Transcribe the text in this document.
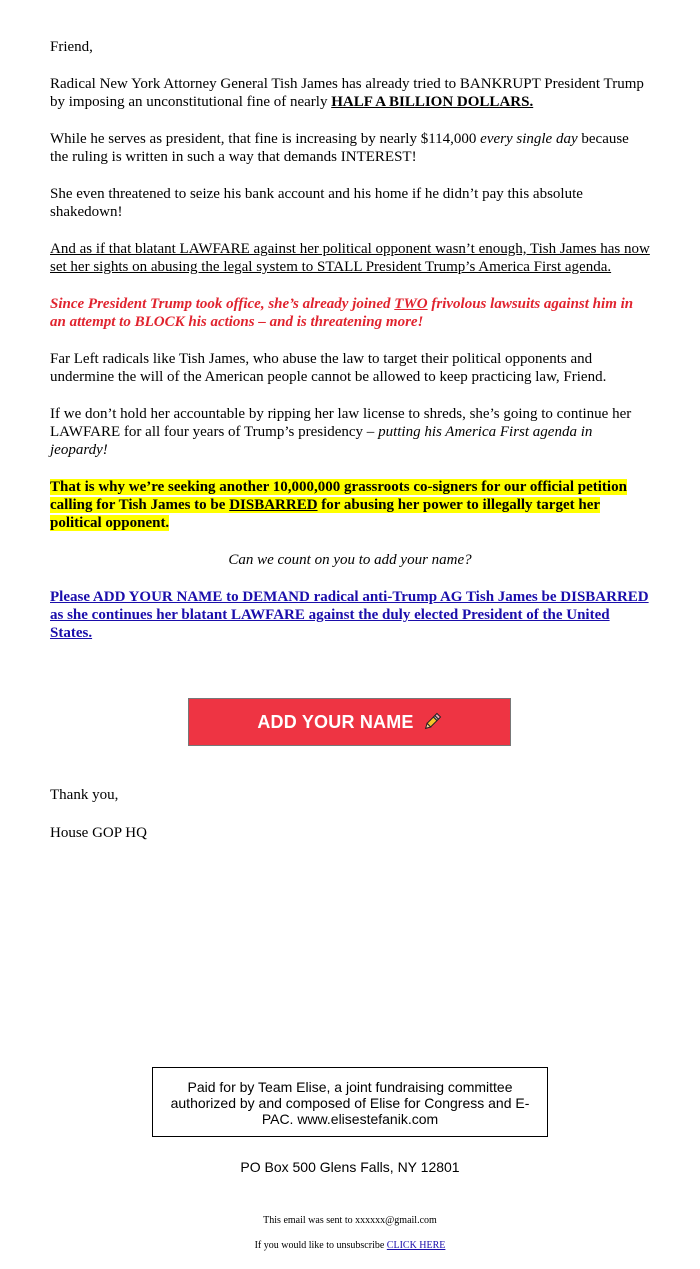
Friend,

Radical New York Attorney General Tish James has already tried to BANKRUPT President Trump by imposing an unconstitutional fine of nearly HALF A BILLION DOLLARS.

While he serves as president, that fine is increasing by nearly $114,000 every single day because the ruling is written in such a way that demands INTEREST!

She even threatened to seize his bank account and his home if he didn’t pay this absolute shakedown!

And as if that blatant LAWFARE against her political opponent wasn’t enough, Tish James has now set her sights on abusing the legal system to STALL President Trump’s America First agenda.

Since President Trump took office, she’s already joined TWO frivolous lawsuits against him in an attempt to BLOCK his actions – and is threatening more!

Far Left radicals like Tish James, who abuse the law to target their political opponents and undermine the will of the American people cannot be allowed to keep practicing law, Friend.

If we don’t hold her accountable by ripping her law license to shreds, she’s going to continue her LAWFARE for all four years of Trump’s presidency – putting his America First agenda in jeopardy!

That is why we’re seeking another 10,000,000 grassroots co-signers for our official petition calling for Tish James to be DISBARRED for abusing her power to illegally target her political opponent.

Can we count on you to add your name?

Please ADD YOUR NAME to DEMAND radical anti-Trump AG Tish James be DISBARRED as she continues her blatant LAWFARE against the duly elected President of the United States.

ADD YOUR NAME
Thank you,
House GOP HQ
Paid for by Team Elise, a joint fundraising committee authorized by and composed of Elise for Congress and E-PAC. www.elisestefanik.com
PO Box 500 Glens Falls, NY 12801
This email was sent to xxxxxx@gmail.com
If you would like to unsubscribe CLICK HERE
